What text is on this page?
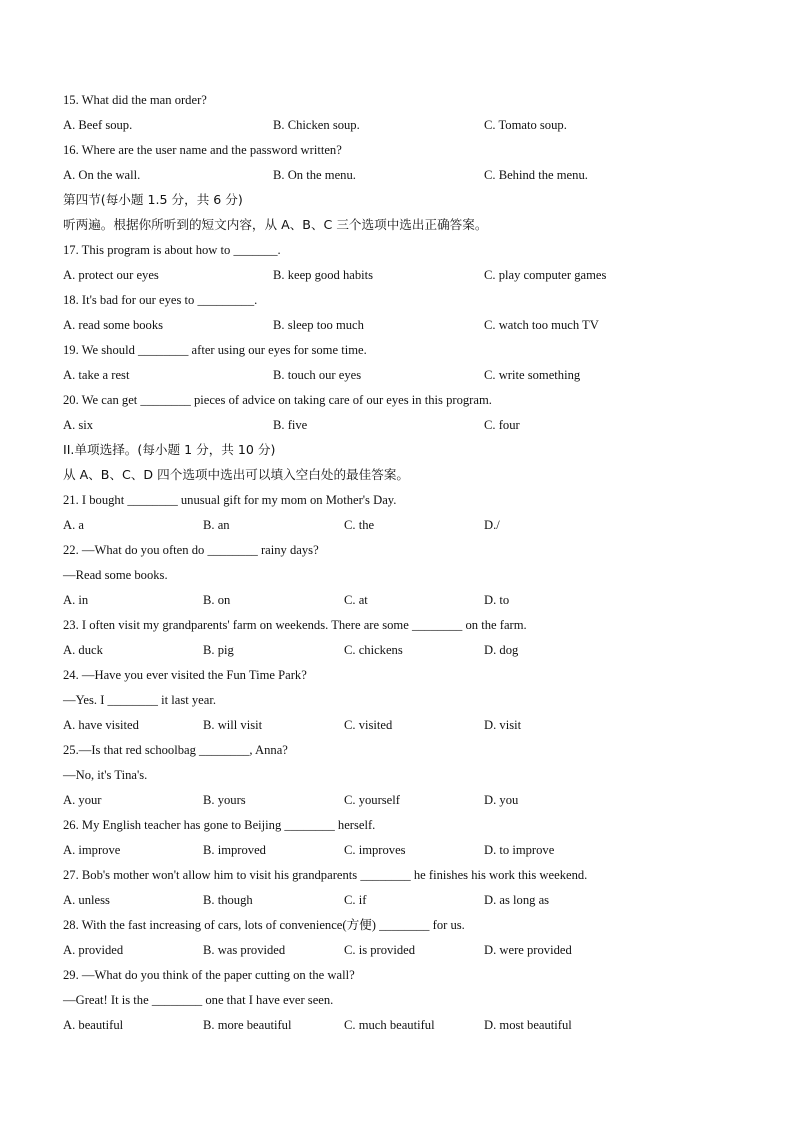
15. What did the man order?
A. Beef soup.	B. Chicken soup.	C. Tomato soup.
16. Where are the user name and the password written?
A. On the wall.	B. On the menu.	C. Behind the menu.
第四节(每小题 1.5 分，共 6 分)
听两遍。根据你所听到的短文内容，从 A、B、C 三个选项中选出正确答案。
17. This program is about how to _______.
A. protect our eyes	B. keep good habits	C. play computer games
18. It's bad for our eyes to _________.
A. read some books	B. sleep too much	C. watch too much TV
19. We should ________ after using our eyes for some time.
A. take a rest	B. touch our eyes	C. write something
20. We can get ________ pieces of advice on taking care of our eyes in this program.
A. six	B. five	C. four
II.单项选择。(每小题 1 分，共 10 分)
从 A、B、C、D 四个选项中选出可以填入空白处的最佳答案。
21. I bought ________ unusual gift for my mom on Mother's Day.
A. a	B. an	C. the	D./
22. —What do you often do ________ rainy days?
—Read some books.
A. in	B. on	C. at	D. to
23. I often visit my grandparents' farm on weekends. There are some ________ on the farm.
A. duck	B. pig	C. chickens	D. dog
24. —Have you ever visited the Fun Time Park?
—Yes. I ________ it last year.
A. have visited	B. will visit	C. visited	D. visit
25.—Is that red schoolbag ________, Anna?
—No, it's Tina's.
A. your	B. yours	C. yourself	D. you
26. My English teacher has gone to Beijing ________ herself.
A. improve	B. improved	C. improves	D. to improve
27. Bob's mother won't allow him to visit his grandparents ________ he finishes his work this weekend.
A. unless	B. though	C. if	D. as long as
28. With the fast increasing of cars, lots of convenience(方便) ________ for us.
A. provided	B. was provided	C. is provided	D. were provided
29. —What do you think of the paper cutting on the wall?
—Great! It is the ________ one that I have ever seen.
A. beautiful	B. more beautiful	C. much beautiful	D. most beautiful
